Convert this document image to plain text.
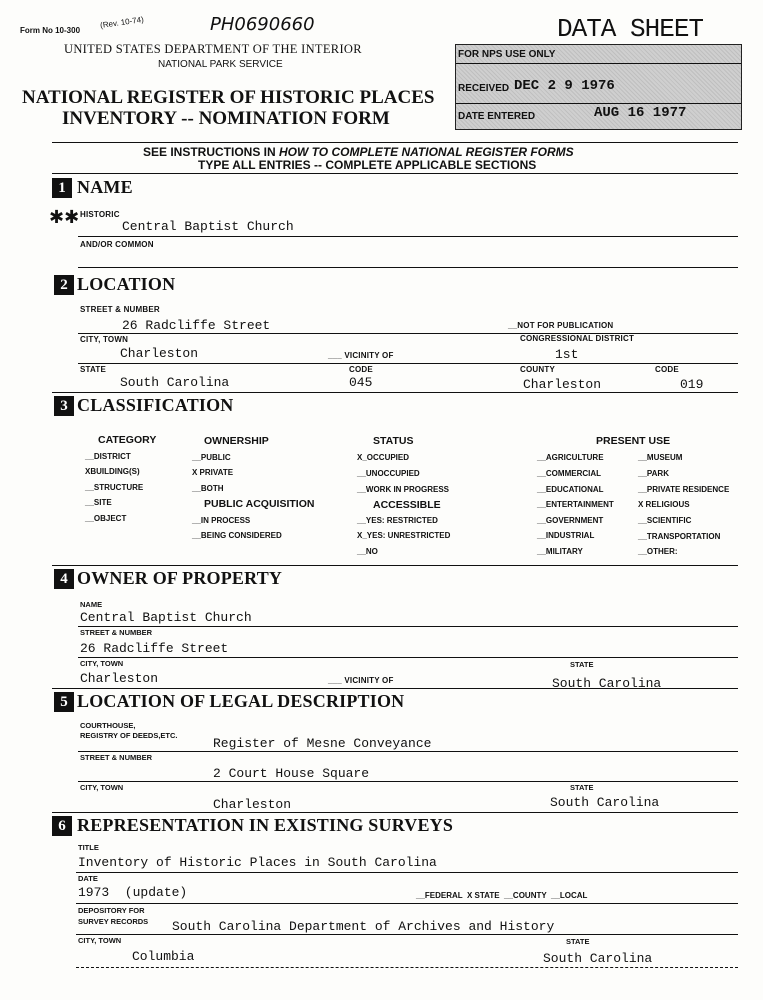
Form No 10-300
(Rev. 10-74)	PH0690660
UNITED STATES DEPARTMENT OF THE INTERIOR
NATIONAL PARK SERVICE
NATIONAL REGISTER OF HISTORIC PLACES
INVENTORY -- NOMINATION FORM
DATA SHEET
FOR NPS USE ONLY
RECEIVED DEC 2 9 1976
DATE ENTERED	AUG 16 1977
SEE INSTRUCTIONS IN HOW TO COMPLETE NATIONAL REGISTER FORMS
TYPE ALL ENTRIES -- COMPLETE APPLICABLE SECTIONS
1 NAME
✱✱ HISTORIC
Central Baptist Church
AND/OR COMMON
2 LOCATION
STREET & NUMBER
26 Radcliffe Street	__NOT FOR PUBLICATION
CITY, TOWN	CONGRESSIONAL DISTRICT
Charleston	___ VICINITY OF	1st
STATE	CODE	COUNTY	CODE
South Carolina	045	Charleston	019
3 CLASSIFICATION
CATEGORY
__DISTRICT
XBUILDING(S)
__STRUCTURE
__SITE
__OBJECT
OWNERSHIP
__PUBLIC
X PRIVATE
__BOTH
PUBLIC ACQUISITION
__IN PROCESS
__BEING CONSIDERED
STATUS
X_OCCUPIED
__UNOCCUPIED
__WORK IN PROGRESS
ACCESSIBLE
__YES: RESTRICTED
X_YES: UNRESTRICTED
__NO
PRESENT USE
__AGRICULTURE
__COMMERCIAL
__EDUCATIONAL
__ENTERTAINMENT
__GOVERNMENT
__INDUSTRIAL
__MILITARY
__MUSEUM
__PARK
__PRIVATE RESIDENCE
X RELIGIOUS
__SCIENTIFIC
__TRANSPORTATION
__OTHER:
4 OWNER OF PROPERTY
NAME
Central Baptist Church
STREET & NUMBER
26 Radcliffe Street
CITY, TOWN	STATE
Charleston	___ VICINITY OF	South Carolina
5 LOCATION OF LEGAL DESCRIPTION
COURTHOUSE,
REGISTRY OF DEEDS,ETC.
Register of Mesne Conveyance
STREET & NUMBER
2 Court House Square
CITY, TOWN	STATE
Charleston	South Carolina
6 REPRESENTATION IN EXISTING SURVEYS
TITLE
Inventory of Historic Places in South Carolina
DATE
1973  (update)	__FEDERAL  X STATE  __COUNTY  __LOCAL
DEPOSITORY FOR
SURVEY RECORDS South Carolina Department of Archives and History
CITY, TOWN	STATE
Columbia	South Carolina
